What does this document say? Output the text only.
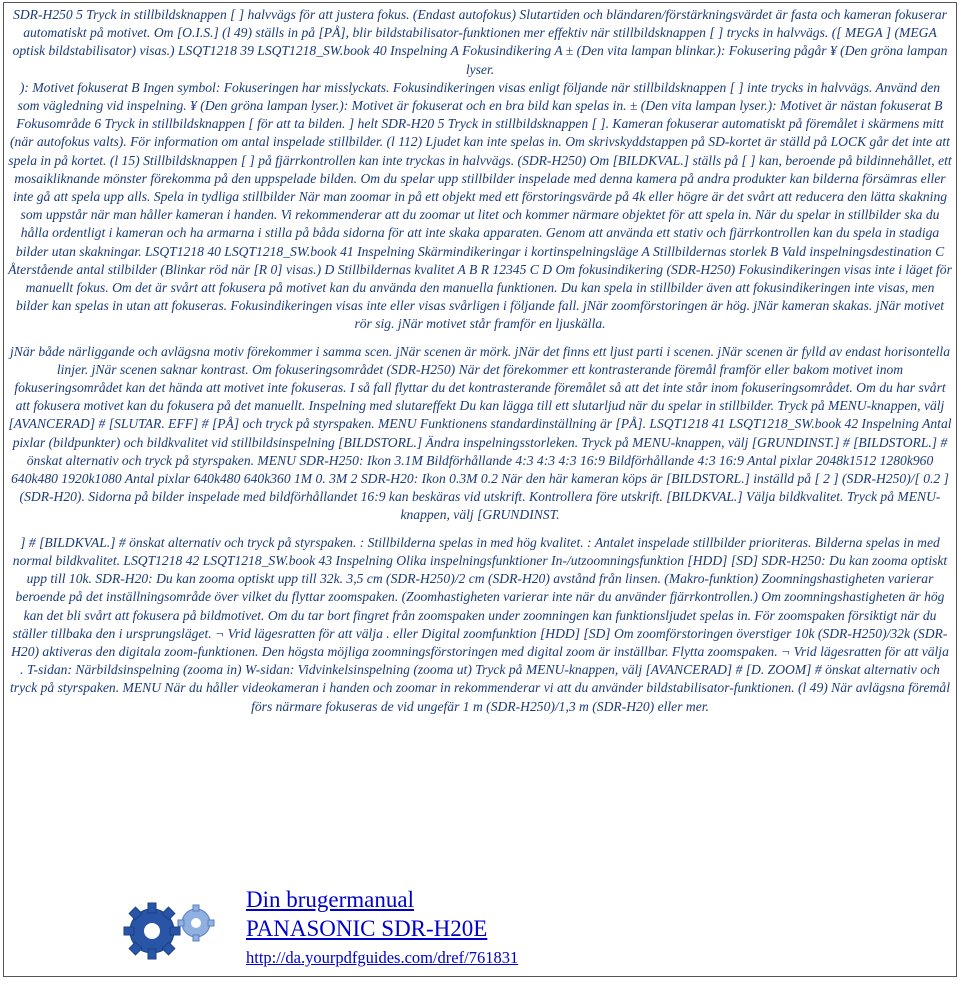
SDR-H250 5 Tryck in stillbildsknappen [ ] halvvägs för att justera fokus. (Endast autofokus) Slutartiden och bländaren/förstärkningsvärdet är fasta och kameran fokuserar automatiskt på motivet. Om [O.I.S.] (l 49) ställs in på [PÅ], blir bildstabilisator-funktionen mer effektiv när stillbildsknappen [ ] trycks in halvvägs. ([ MEGA ] (MEGA optisk bildstabilisator) visas.) LSQT1218 39 LSQT1218_SW.book 40 Inspelning A Fokusindikering A ± (Den vita lampan blinkar.): Fokusering pågår ¥ (Den gröna lampan lyser.

): Motivet fokuserat B Ingen symbol: Fokuseringen har misslyckats. Fokusindikeringen visas enligt följande när stillbildsknappen [ ] inte trycks in halvvägs. Använd den som vägledning vid inspelning. ¥ (Den gröna lampan lyser.): Motivet är fokuserat och en bra bild kan spelas in. ± (Den vita lampan lyser.): Motivet är nästan fokuserat B Fokusområde 6 Tryck in stillbildsknappen [ för att ta bilden. ] helt SDR-H20 5 Tryck in stillbildsknappen [ ]. Kameran fokuserar automatiskt på föremålet i skärmens mitt (när autofokus valts). För information om antal inspelade stillbilder. (l 112) Ljudet kan inte spelas in. Om skrivskyddstappen på SD-kortet är ställd på LOCK går det inte att spela in på kortet. (l 15) Stillbildsknappen [ ] på fjärrkontrollen kan inte tryckas in halvvägs. (SDR-H250) Om [BILDKVAL.] ställs på [ ] kan, beroende på bildinnehållet, ett mosaikliknande mönster förekomma på den uppspelade bilden. Om du spelar upp stillbilder inspelade med denna kamera på andra produkter kan bilderna försämras eller inte gå att spela upp alls. Spela in tydliga stillbilder När man zoomar in på ett objekt med ett förstoringsvärde på 4k eller högre är det svårt att reducera den lätta skakning som uppstår när man håller kameran i handen. Vi rekommenderar att du zoomar ut litet och kommer närmare objektet för att spela in. När du spelar in stillbilder ska du hålla ordentligt i kameran och ha armarna i stilla på båda sidorna för att inte skaka apparaten. Genom att använda ett stativ och fjärrkontrollen kan du spela in stadiga bilder utan skakningar. LSQT1218 40 LSQT1218_SW.book 41 Inspelning Skärmindikeringar i kortinspelningsläge A Stillbildernas storlek B Vald inspelningsdestination C Återstående antal stilbilder (Blinkar röd när [R 0] visas.) D Stillbildernas kvalitet A B R 12345 C D Om fokusindikering (SDR-H250) Fokusindikeringen visas inte i läget för manuellt fokus. Om det är svårt att fokusera på motivet kan du använda den manuella funktionen. Du kan spela in stillbilder även att fokusindikeringen inte visas, men bilder kan spelas in utan att fokuseras. Fokusindikeringen visas inte eller visas svårligen i följande fall. jNär zoomförstoringen är hög. jNär kameran skakas. jNär motivet rör sig. jNär motivet står framför en ljuskälla.

jNär både närliggande och avlägsna motiv förekommer i samma scen. jNär scenen är mörk. jNär det finns ett ljust parti i scenen. jNär scenen är fylld av endast horisontella linjer. jNär scenen saknar kontrast. Om fokuseringsområdet (SDR-H250) När det förekommer ett kontrasterande föremål framför eller bakom motivet inom fokuseringsområdet kan det hända att motivet inte fokuseras. I så fall flyttar du det kontrasterande föremålet så att det inte står inom fokuseringsområdet. Om du har svårt att fokusera motivet kan du fokusera på det manuellt. Inspelning med slutareffekt Du kan lägga till ett slutarljud när du spelar in stillbilder. Tryck på MENU-knappen, välj [AVANCERAD] # [SLUTAR. EFF] # [PÅ] och tryck på styrspaken. MENU Funktionens standardinställning är [PÅ]. LSQT1218 41 LSQT1218_SW.book 42 Inspelning Antal pixlar (bildpunkter) och bildkvalitet vid stillbildsinspelning [BILDSTORL.] Ändra inspelningsstorleken. Tryck på MENU-knappen, välj [GRUNDINST.] # [BILDSTORL.] # önskat alternativ och tryck på styrspaken. MENU SDR-H250: Ikon 3.1M Bildförhållande 4:3 4:3 4:3 16:9 Bildförhållande 4:3 16:9 Antal pixlar 2048k1512 1280k960 640k480 1920k1080 Antal pixlar 640k480 640k360 1M 0. 3M 2 SDR-H20: Ikon 0.3M 0.2 När den här kameran köps är [BILDSTORL.] inställd på [ 2 ] (SDR-H250)/[ 0.2 ] (SDR-H20). Sidorna på bilder inspelade med bildförhållandet 16:9 kan beskäras vid utskrift. Kontrollera före utskrift. [BILDKVAL.] Välja bildkvalitet. Tryck på MENU-knappen, välj [GRUNDINST.

] # [BILDKVAL.] # önskat alternativ och tryck på styrspaken. : Stillbilderna spelas in med hög kvalitet. : Antalet inspelade stillbilder prioriteras. Bilderna spelas in med normal bildkvalitet. LSQT1218 42 LSQT1218_SW.book 43 Inspelning Olika inspelningsfunktioner In-/utzoomningsfunktion [HDD] [SD] SDR-H250: Du kan zooma optiskt upp till 10k. SDR-H20: Du kan zooma optiskt upp till 32k. 3,5 cm (SDR-H250)/2 cm (SDR-H20) avstånd från linsen. (Makro-funktion) Zoomningshastigheten varierar beroende på det inställningsområde över vilket du flyttar zoomspaken. (Zoomhastigheten varierar inte när du använder fjärrkontrollen.) Om zoomningshastigheten är hög kan det bli svårt att fokusera på bildmotivet. Om du tar bort fingret från zoomspaken under zoomningen kan funktionsljudet spelas in. För zoomspaken försiktigt när du ställer tillbaka den i ursprungsläget. ¬ Vrid lägesratten för att välja . eller Digital zoomfunktion [HDD] [SD] Om zoomförstoringen överstiger 10k (SDR-H250)/32k (SDR-H20) aktiveras den digitala zoom-funktionen. Den högsta möjliga zoomningsförstoringen med digital zoom är inställbar. Flytta zoomspaken. ¬ Vrid lägesratten för att välja . T-sidan: Närbildsinspelning (zooma in) W-sidan: Vidvinkelsinspelning (zooma ut) Tryck på MENU-knappen, välj [AVANCERAD] # [D. ZOOM] # önskat alternativ och tryck på styrspaken. MENU När du håller videokameran i handen och zoomar in rekommenderar vi att du använder bildstabilisator-funktionen. (l 49) När avlägsna föremål förs närmare fokuseras de vid ungefär 1 m (SDR-H250)/1,3 m (SDR-H20) eller mer.

Din brugermanual
PANASONIC SDR-H20E
http://da.yourpdfguides.com/dref/761831
